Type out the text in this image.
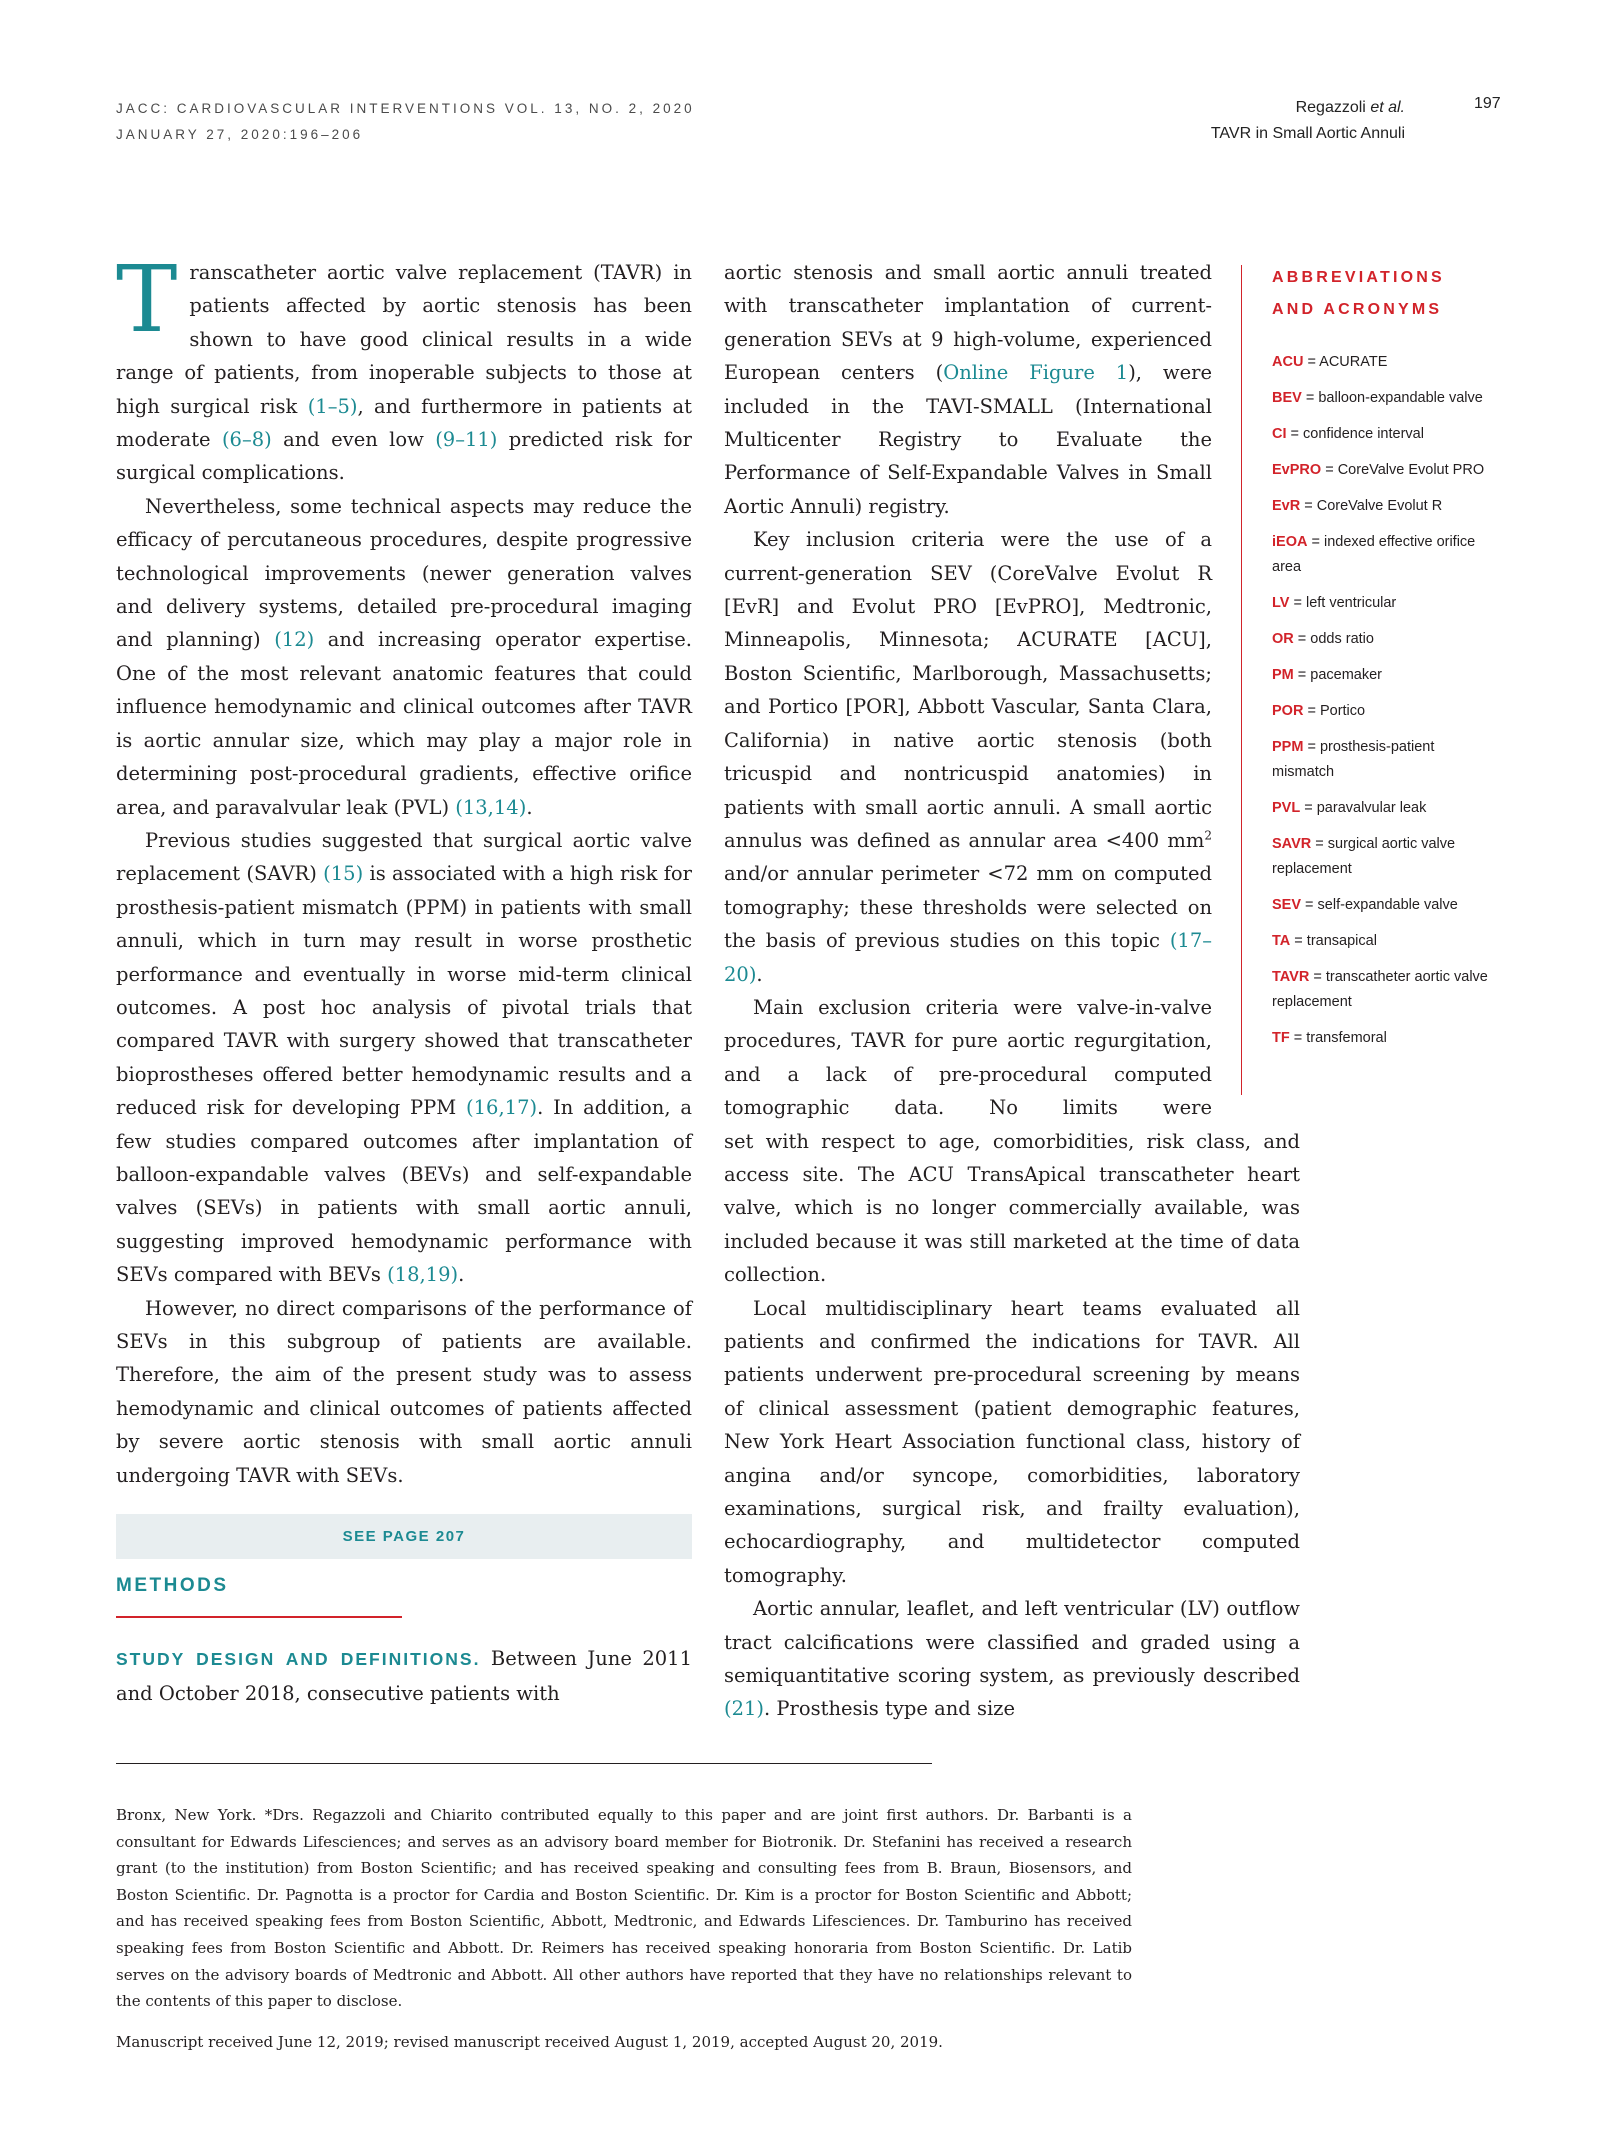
JACC: CARDIOVASCULAR INTERVENTIONS VOL. 13, NO. 2, 2020
JANUARY 27, 2020:196–206
Regazzoli et al.
TAVR in Small Aortic Annuli
197
T ranscatheter aortic valve replacement (TAVR) in patients affected by aortic stenosis has been shown to have good clinical results in a wide range of patients, from inoperable subjects to those at high surgical risk (1–5), and furthermore in patients at moderate (6–8) and even low (9–11) predicted risk for surgical complications.

Nevertheless, some technical aspects may reduce the efficacy of percutaneous procedures, despite progressive technological improvements (newer generation valves and delivery systems, detailed pre-procedural imaging and planning) (12) and increasing operator expertise. One of the most relevant anatomic features that could influence hemodynamic and clinical outcomes after TAVR is aortic annular size, which may play a major role in determining post-procedural gradients, effective orifice area, and paravalvular leak (PVL) (13,14).

Previous studies suggested that surgical aortic valve replacement (SAVR) (15) is associated with a high risk for prosthesis-patient mismatch (PPM) in patients with small annuli, which in turn may result in worse prosthetic performance and eventually in worse mid-term clinical outcomes. A post hoc analysis of pivotal trials that compared TAVR with surgery showed that transcatheter bioprostheses offered better hemodynamic results and a reduced risk for developing PPM (16,17). In addition, a few studies compared outcomes after implantation of balloon-expandable valves (BEVs) and self-expandable valves (SEVs) in patients with small aortic annuli, suggesting improved hemodynamic performance with SEVs compared with BEVs (18,19).

However, no direct comparisons of the performance of SEVs in this subgroup of patients are available. Therefore, the aim of the present study was to assess hemodynamic and clinical outcomes of patients affected by severe aortic stenosis with small aortic annuli undergoing TAVR with SEVs.

SEE PAGE 207
METHODS

STUDY DESIGN AND DEFINITIONS. Between June 2011 and October 2018, consecutive patients with

aortic stenosis and small aortic annuli treated with transcatheter implantation of current-generation SEVs at 9 high-volume, experienced European centers (Online Figure 1), were included in the TAVI-SMALL (International Multicenter Registry to Evaluate the Performance of Self-Expandable Valves in Small Aortic Annuli) registry.

Key inclusion criteria were the use of a current-generation SEV (CoreValve Evolut R [EvR] and Evolut PRO [EvPRO], Medtronic, Minneapolis, Minnesota; ACURATE [ACU], Boston Scientific, Marlborough, Massachusetts; and Portico [POR], Abbott Vascular, Santa Clara, California) in native aortic stenosis (both tricuspid and nontricuspid anatomies) in patients with small aortic annuli. A small aortic annulus was defined as annular area <400 $mm^2$ and/or annular perimeter <72 mm on computed tomography; these thresholds were selected on the basis of previous studies on this topic (17–20).

Main exclusion criteria were valve-in-valve procedures, TAVR for pure aortic regurgitation, and a lack of pre-procedural computed tomographic data. No limits were

set with respect to age, comorbidities, risk class, and access site. The ACU TransApical transcatheter heart valve, which is no longer commercially available, was included because it was still marketed at the time of data collection.

Local multidisciplinary heart teams evaluated all patients and confirmed the indications for TAVR. All patients underwent pre-procedural screening by means of clinical assessment (patient demographic features, New York Heart Association functional class, history of angina and/or syncope, comorbidities, laboratory examinations, surgical risk, and frailty evaluation), echocardiography, and multidetector computed tomography.

Aortic annular, leaflet, and left ventricular (LV) outflow tract calcifications were classified and graded using a semiquantitative scoring system, as previously described (21). Prosthesis type and size

ABBREVIATIONS
AND ACRONYMS
ACU = ACURATE
BEV = balloon-expandable valve
CI = confidence interval
EvPRO = CoreValve Evolut PRO
EvR = CoreValve Evolut R
iEOA = indexed effective orifice area
LV = left ventricular
OR = odds ratio
PM = pacemaker
POR = Portico
PPM = prosthesis-patient mismatch
PVL = paravalvular leak
SAVR = surgical aortic valve replacement
SEV = self-expandable valve
TA = transapical
TAVR = transcatheter aortic valve replacement
TF = transfemoral

Bronx, New York. *Drs. Regazzoli and Chiarito contributed equally to this paper and are joint first authors. Dr. Barbanti is a consultant for Edwards Lifesciences; and serves as an advisory board member for Biotronik. Dr. Stefanini has received a research grant (to the institution) from Boston Scientific; and has received speaking and consulting fees from B. Braun, Biosensors, and Boston Scientific. Dr. Pagnotta is a proctor for Cardia and Boston Scientific. Dr. Kim is a proctor for Boston Scientific and Abbott; and has received speaking fees from Boston Scientific, Abbott, Medtronic, and Edwards Lifesciences. Dr. Tamburino has received speaking fees from Boston Scientific and Abbott. Dr. Reimers has received speaking honoraria from Boston Scientific. Dr. Latib serves on the advisory boards of Medtronic and Abbott. All other authors have reported that they have no relationships relevant to the contents of this paper to disclose.

Manuscript received June 12, 2019; revised manuscript received August 1, 2019, accepted August 20, 2019.
